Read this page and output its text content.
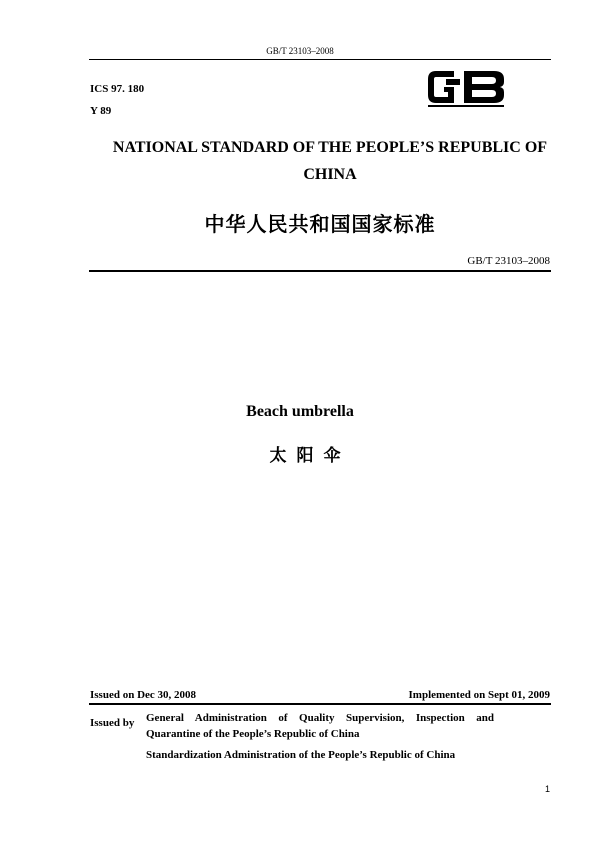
GB/T 23103–2008
ICS 97. 180
Y 89
NATIONAL STANDARD OF THE PEOPLE’S REPUBLIC OF
CHINA
中华人民共和国国家标准
GB/T 23103–2008
Beach umbrella
太阳伞
Issued on Dec 30, 2008	Implemented on Sept 01, 2009
Issued by General Administration of Quality Supervision, Inspection and Quarantine of the People’s Republic of China
Standardization Administration of the People’s Republic of China
1
